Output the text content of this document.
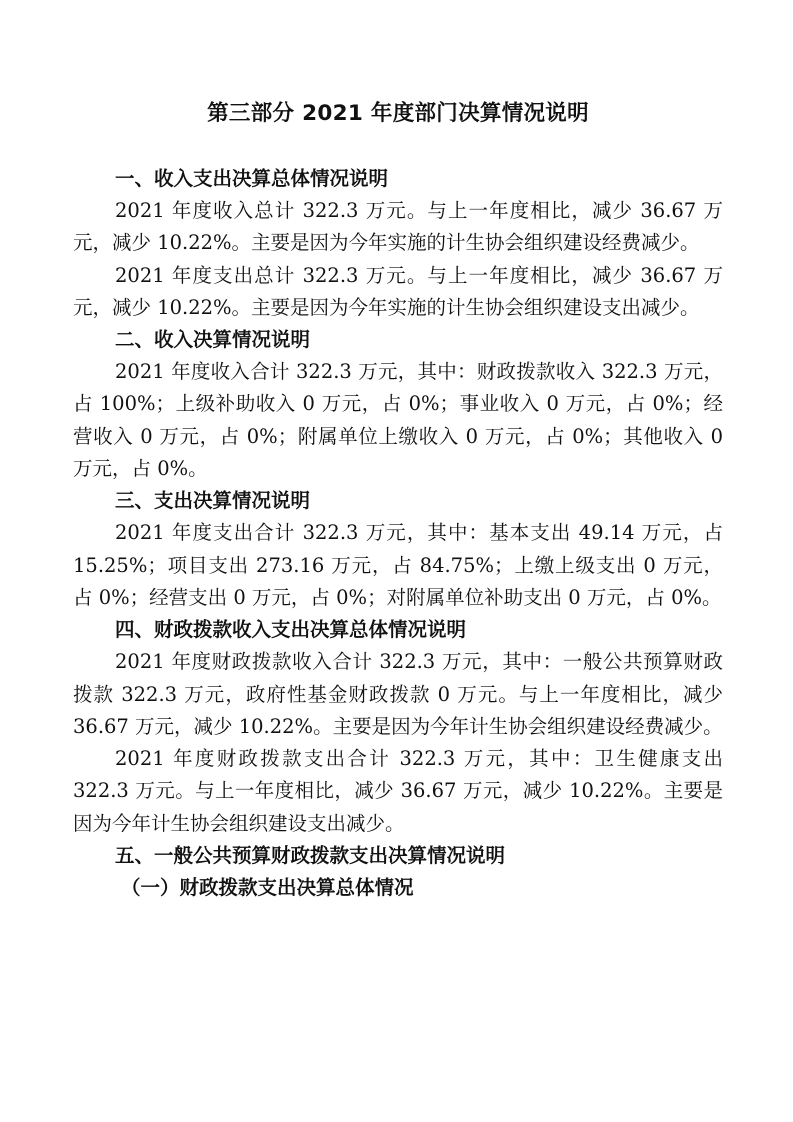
第三部分 2021 年度部门决算情况说明
一、收入支出决算总体情况说明

2021 年度收入总计 322.3 万元。与上一年度相比，减少 36.67 万元，减少 10.22%。主要是因为今年实施的计生协会组织建设经费减少。

2021 年度支出总计 322.3 万元。与上一年度相比，减少 36.67 万元，减少 10.22%。主要是因为今年实施的计生协会组织建设支出减少。

二、收入决算情况说明

2021 年度收入合计 322.3 万元，其中：财政拨款收入 322.3 万元，占 100%；上级补助收入 0 万元，占 0%；事业收入 0 万元，占 0%；经营收入 0 万元，占 0%；附属单位上缴收入 0 万元，占 0%；其他收入 0 万元，占 0%。

三、支出决算情况说明

2021 年度支出合计 322.3 万元，其中：基本支出 49.14 万元，占 15.25%；项目支出 273.16 万元，占 84.75%；上缴上级支出 0 万元，占 0%；经营支出 0 万元，占 0%；对附属单位补助支出 0 万元，占 0%。

四、财政拨款收入支出决算总体情况说明

2021 年度财政拨款收入合计 322.3 万元，其中：一般公共预算财政拨款 322.3 万元，政府性基金财政拨款 0 万元。与上一年度相比，减少 36.67 万元，减少 10.22%。主要是因为今年计生协会组织建设经费减少。

2021 年度财政拨款支出合计 322.3 万元，其中：卫生健康支出 322.3 万元。与上一年度相比，减少 36.67 万元，减少 10.22%。主要是因为今年计生协会组织建设支出减少。

五、一般公共预算财政拨款支出决算情况说明
（一）财政拨款支出决算总体情况
